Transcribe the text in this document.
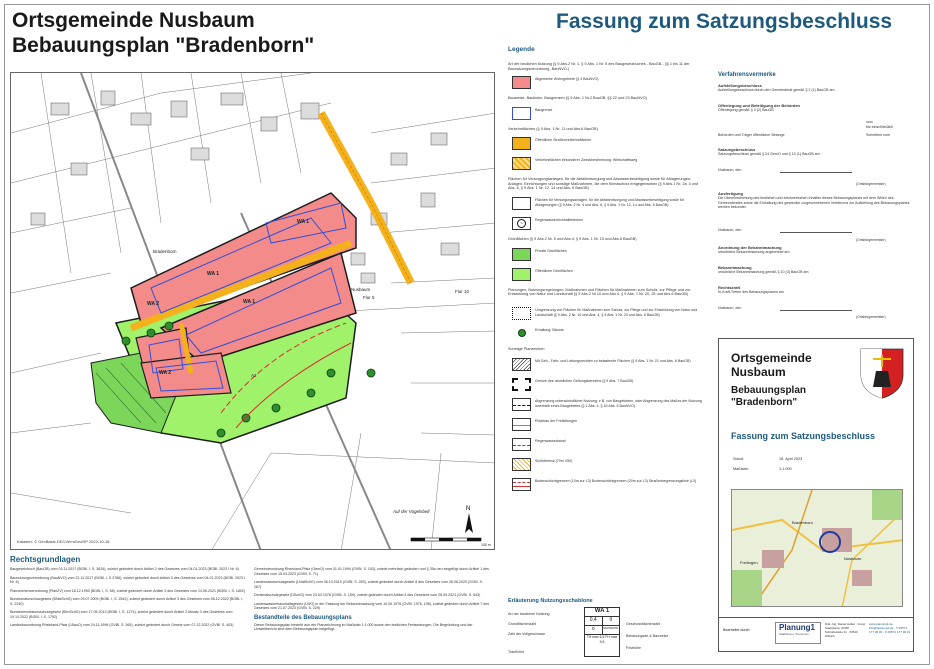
Ortsgemeinde Nusbaum
Bebauungsplan "Bradenborn"
Fassung zum Satzungsbeschluss
N
WA 1
WA 1
WA 1
WA 2
WA 2
Bradenborn
Nusbaum
Flur 5
Flur 10
Auf der Vogelsbell
A2
100 m
Kataster: © GeoBasis-DE/LVermGeoRP 2022-10-16
Rechtsgrundlagen

Baugesetzbuch (BauGB) vom 03.11.2017 (BGBl. I, S. 3634), zuletzt geändert durch Artikel 2 des Gesetzes vom 04.01.2023 (BGBl. 2023 I Nr. 6)

Baunutzungsverordnung (BauNVO) vom 21.11.2017 (BGBl. I, S.3786), zuletzt geändert durch Artikel 3 des Gesetzes vom 04.01.2023 (BGBl. 2023 I Nr. 6)

Planzeichenverordnung (PlanZV) vom 18.12.1990 (BGBl. I, S. 58), zuletzt geändert durch Artikel 3 des Gesetzes vom 14.06.2021 (BGBl. I, S. 1802)

Bundesnaturschutzgesetz (BNatSchG) vom 29.07.2009 (BGBl. I, S. 2542), zuletzt geändert durch Artikel 3 des Gesetzes vom 08.12.2022 (BGBl. I, S. 2240)

Bundesimmissionsschutzgesetz (BImSchG) vom 17.05.2013 (BGBl. I, S. 1274), zuletzt geändert durch Artikel 2 Absatz 3 des Gesetzes vom 19.10.2022 (BGBl. I, S. 1792)

Landesbauordnung Rheinland-Pfalz (LBauO) vom 24.11.1998 (GVBl. S. 365), zuletzt geändert durch Gesetz vom 07.12.2022 (GVBl. S. 403)

Gemeindeordnung Rheinland-Pfalz (GemO) vom 31.01.1994 (GVBl. S. 153), zuletzt mehrfach geändert und § 35a neu eingefügt durch Artikel 1 des Gesetzes vom 15.03.2023 (GVBl. S. 71)

Landesnaturschutzgesetz (LNatSchG) vom 06.10.2015 (GVBl. S. 283), zuletzt geändert durch Artikel 8 des Gesetzes vom 26.06.2020 (GVBl. S. 287)

Denkmalschutzgesetz (DSchG) vom 23.03.1978 (GVBl. S. 159), zuletzt geändert durch Artikel 4 des Gesetzes vom 28.09.2021 (GVBl. S. 543)

Landeswasserhaushaltsgesetz (LWG) in der Fassung der Bekanntmachung vom 10.06.1976 (GVBl. 1976, 196), zuletzt geändert durch Artikel 7 des Gesetzes vom 21.07.2023 (GVBl. S. 229)

Bestandteile des Bebauungsplans

Dieser Bebauungsplan besteht aus der Planzeichnung im Maßstab 1:1.000 sowie den textlichen Festsetzungen. Die Begründung und der Umweltbericht sind dem Bebauungsplan beigefügt.

Legende
Art der baulichen Nutzung (§ 9 Abs.2 Nr. 1, § 9 Abs. 1 Nr. 5 des Baugesetzbuches - BauGB-, §§ 1 bis 11 der Baunutzungsverordnung -BauNVO-)
Allgemeine Wohngebiete (§ 4 BauNVO)
Bauweise, Baulinien, Baugrenzen (§ 9 Abs. 1 Nr.2 BauGB, §§ 22 und 23 BauNVO)
Baugrenze
Verkehrsflächen (§ 9 Abs. 1 Nr. 11 und Abs.6 BauGB)
Öffentliche Straßenverkehrsflächen
Verkehrsflächen besonderer Zweckbestimmung: Wirtschaftsweg
Flächen für Versorgungsanlagen, für die Abfallentsorgung und Abwasserbeseitigung sowie für Ablagerungen; Anlagen, Einrichtungen und sonstige Maßnahmen, die dem Klimaschutz entgegenwirken (§ 9 Abs.1 Nr. 2a, 4 und Abs. 6, § 9 Abs. 1 Nr. 12, 14 und Abs. 6 BauGB)
Flächen für Versorgungsanlagen, für die Abfallentsorgung und Abwasserbeseitigung sowie für Ablagerungen (§ 9 Abs. 2 Nr. 4 und Abs. 6, § 9 Abs. 1 Nr. 12, 14 und Abs. 6 BauGB)
~
Regenwasserrückhaltebecken
Grünflächen (§ 9 Abs.2 Nr. 5 und Abs.4, § 9 Abs. 1 Nr. 15 und Abs.6 BauGB)
Private Grünflächen
Öffentliche Grünflächen
Planungen, Nutzungsregelungen, Maßnahmen und Flächen für Maßnahmen zum Schutz, zur Pflege und zur Entwicklung von Natur und Landschaft (§ 9 Abs.2 Nr.10 und Abs.4, § 9 Abs. 1 Nr. 20, 25 und Abs.6 BauGB)
Umgrenzung von Flächen für Maßnahmen zum Schutz, zur Pflege und zur Entwicklung von Natur und Landschaft (§ 9 Abs. 2 Nr. 10 und Abs. 4, § 9 Abs. 1 Nr. 20 und Abs. 6 BauGB)
Erhaltung: Bäume
Sonstige Planzeichen
Mit Geh-, Fahr- und Leitungsrechten zu belastende Flächen (§ 9 Abs. 1 Nr. 21 und Abs. 6 BauGB)
Grenze des räumlichen Geltungsbereichs (§ 9 Abs. 7 BauGB)
Abgrenzung unterschiedlicher Nutzung, z.B. von Baugebieten, oder Abgrenzung des Maßes der Nutzung innerhalb eines Baugebietes (§ 1 Abs. 4, § 16 Abs. 5 BauNVO)
Rückbau der Freileitungen
Regenwasserkanal
Sichtdreieck (70m V50)
Bodenschichtgrenzen (10m zur L3) Bodenschichtgrenzen (20m zur L3) Straßenbegrenzungslinie (L3)
Erläuterung Nutzungsschablone
WA 1
0,4	II
o	SD/WD/PD
TH max 6,5 FH max 9,5
Art der baulichen Nutzung
Grundflächenzahl
Zahl der Vollgeschosse
Traufhöhe
Geschossflächenzahl
Bebauungsart & Bauweise
Firsthöhe
Verfahrensvermerke
Aufstellungsbeschluss
Aufstellungsbeschluss durch den Gemeinderat gemäß § 2 (1) BauGB am
Offenlegung und Beteiligung der Behörden
Offenlegung gemäß § 3 (2) BauGB
vom
bis einschließlich
Behörden und Träger öffentlicher Belange	Schreiben vom
Satzungsbeschluss
Satzungsbeschluss gemäß § 24 GemO und § 10 (1) BauGB am
Nusbaum, den
(Ortsbürgermeister)
Ausfertigung
Die Übereinstimmung des textlichen und zeichnerischen Inhaltes dieses Bebauungsplanes mit dem Willen des Gemeinderates sowie die Einhaltung des gesetzlich vorgeschriebenen Verfahrens zur Aufstellung des Bebauungsplanes werden bekundet.
Nusbaum, den
(Ortsbürgermeister)
Anordnung der Bekanntmachung
ortsübliche Bekanntmachung angeordnet am
Bekanntmachung
ortsübliche Bekanntmachung gemäß § 10 (3) BauGB am
Rechtskraft
In-Kraft-Treten des Bebauungsplanes am
Nusbaum, den
(Ortsbürgermeister)
Ortsgemeinde
Nusbaum
Bebauungsplan
"Bradenborn"
Fassung zum Satzungsbeschluss
Stand:	18. April 2023
Maßstab:	1:1.000
Nusbaum
Bradenborn
Freilingen
Bearbeitet durch:	Planung1
Städtebau | Tourismus
Dipl.-Ing. Daniel Heller · Freier Stadtplaner AKRP · Schloßstraße 11 · 54516 Wittlich
www.planung1.de · info@planung1.de · T 06571 177 96 00 · F 06571 177 96 01
